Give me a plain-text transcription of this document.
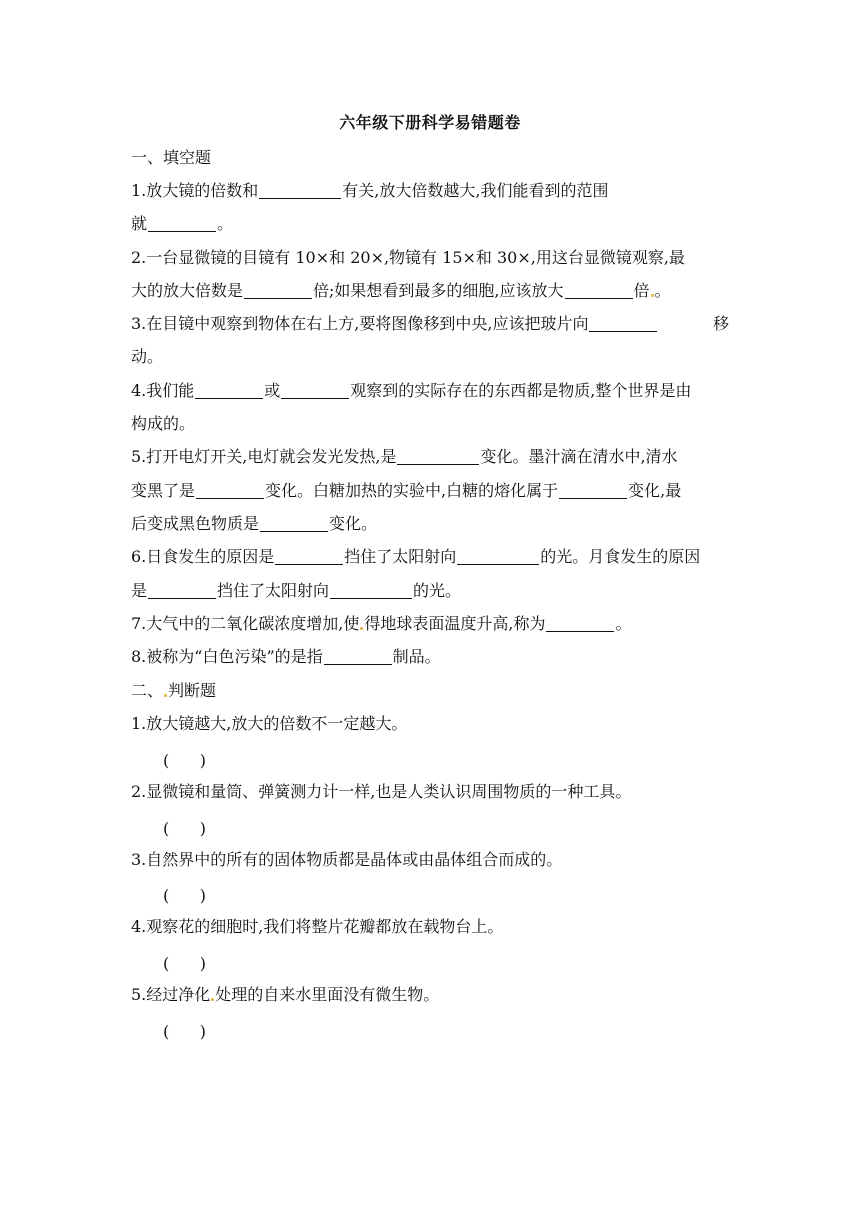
六年级下册科学易错题卷
一、填空题
1.放大镜的倍数和	有关,放大倍数越大,我们能看到的范围
就	。
2.一台显微镜的目镜有 10×和 20×,物镜有 15×和 30×,用这台显微镜观察,最
大的放大倍数是	倍;如果想看到最多的细胞,应该放大	倍 。
3.在目镜中观察到物体在右上方,要将图像移到中央,应该把玻片向	移
动。
4.我们能	或	观察到的实际存在的东西都是物质,整个世界是由
构成的。
5.打开电灯开关,电灯就会发光发热,是	变化。墨汁滴在清水中,清水
变黑了是	变化。白糖加热的实验中,白糖的熔化属于	变化,最
后变成黑色物质是	变化。
6.日食发生的原因是	挡住了太阳射向	的光。月食发生的原因
是	挡住了太阳射向	的光。
7.大气中的二氧化碳浓度增加,使 得地球表面温度升高,称为	。
8.被称为“白色污染”的是指	制品。
二、 判断题
1.放大镜越大,放大的倍数不一定越大。
(      )
2.显微镜和量筒、弹簧测力计一样,也是人类认识周围物质的一种工具。
(      )
3.自然界中的所有的固体物质都是晶体或由晶体组合而成的。
(      )
4.观察花的细胞时,我们将整片花瓣都放在载物台上。
(      )
5.经过净化 处理的自来水里面没有微生物。
(      )
